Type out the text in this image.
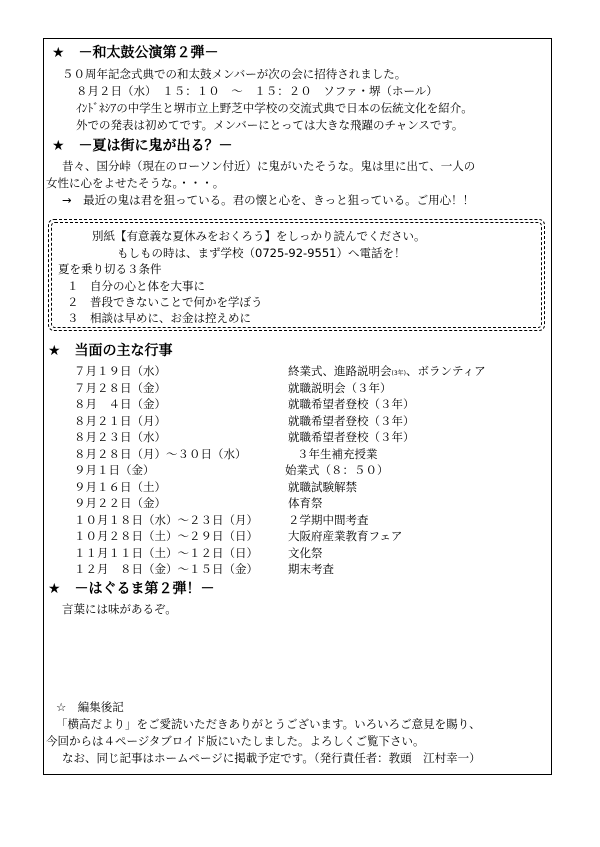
★　－和太鼓公演第２弾－
５０周年記念式典での和太鼓メンバーが次の会に招待されました。
８月２日（水）　１５：１０　～　１５：２０　ソファ・堺（ホール）
ｲﾝﾄﾞﾈｼｱの中学生と堺市立上野芝中学校の交流式典で日本の伝統文化を紹介。
外での発表は初めてです。メンバーにとっては大きな飛躍のチャンスです。
★　－夏は街に鬼が出る？－
昔々、国分峠（現在のローソン付近）に鬼がいたそうな。鬼は里に出て、一人の
女性に心をよせたそうな。・・・。
→　最近の鬼は君を狙っている。君の懐と心を、きっと狙っている。ご用心！！
別紙【有意義な夏休みをおくろう】をしっかり読んでください。
もしもの時は、まず学校（0725-92-9551）へ電話を！
夏を乗り切る３条件
１　自分の心と体を大事に
２　普段できないことで何かを学ぼう
３　相談は早めに、お金は控えめに
★　当面の主な行事
７月１９日（水）	終業式、進路説明会(3年)、ボランティア
７月２８日（金）	就職説明会（３年）
８月　４日（金）	就職希望者登校（３年）
８月２１日（月）	就職希望者登校（３年）
８月２３日（水）	就職希望者登校（３年）
８月２８日（月）～３０日（水）	３年生補充授業
９月１日（金）	始業式（８：５０）
９月１６日（土）	就職試験解禁
９月２２日（金）	体育祭
１０月１８日（水）～２３日（月）	２学期中間考査
１０月２８日（土）～２９日（日）	大阪府産業教育フェア
１１月１１日（土）～１２日（日）	文化祭
１２月　８日（金）～１５日（金）	期末考査
★　－はぐるま第２弾！－
言葉には味があるぞ。
☆　編集後記
「横高だより」をご愛読いただきありがとうございます。いろいろご意見を賜り、
今回からは４ページタブロイド版にいたしました。よろしくご覧下さい。
なお、同じ記事はホームページに掲載予定です。（発行責任者：教頭　江村幸一）
